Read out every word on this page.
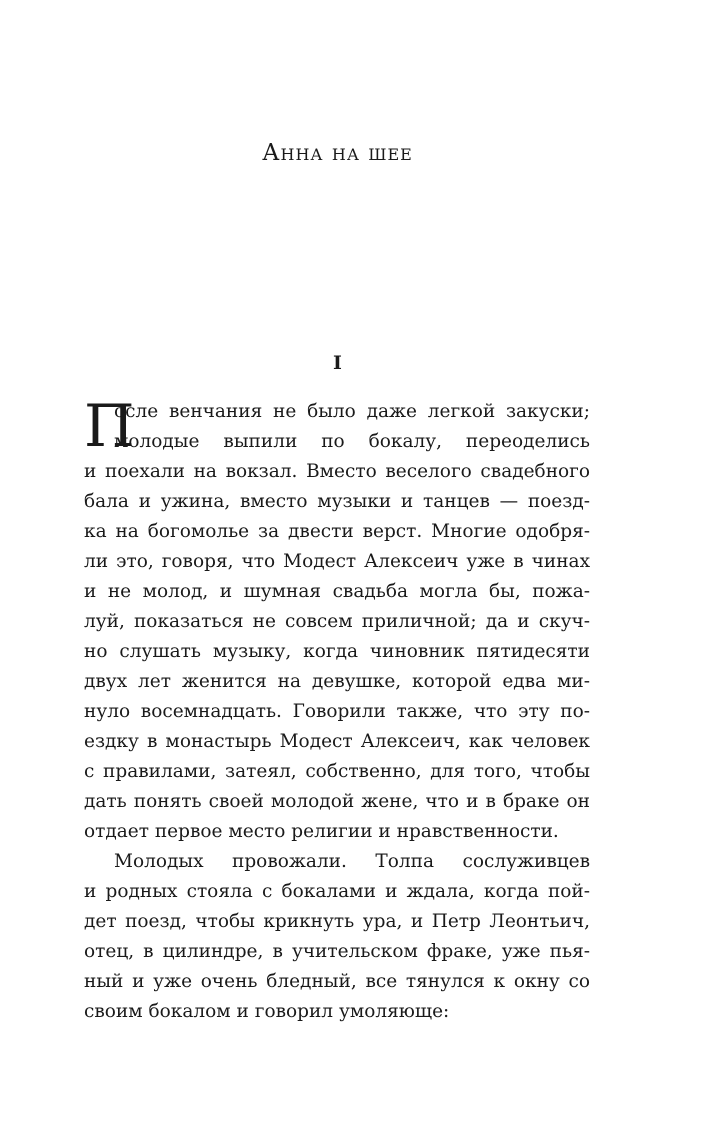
Анна на шее
I
П
осле венчания не было даже легкой закуски;
молодые выпили по бокалу, переоделись
и поехали на вокзал. Вместо веселого свадебного
бала и ужина, вместо музыки и танцев — поезд-
ка на богомолье за двести верст. Многие одобря-
ли это, говоря, что Модест Алексеич уже в чинах
и не молод, и шумная свадьба могла бы, пожа-
луй, показаться не совсем приличной; да и скуч-
но слушать музыку, когда чиновник пятидесяти
двух лет женится на девушке, которой едва ми-
нуло восемнадцать. Говорили также, что эту по-
ездку в монастырь Модест Алексеич, как человек
с правилами, затеял, собственно, для того, чтобы
дать понять своей молодой жене, что и в браке он
отдает первое место религии и нравственности.
Молодых провожали. Толпа сослуживцев
и родных стояла с бокалами и ждала, когда пой-
дет поезд, чтобы крикнуть ура, и Петр Леонтьич,
отец, в цилиндре, в учительском фраке, уже пья-
ный и уже очень бледный, все тянулся к окну со
своим бокалом и говорил умоляюще:
